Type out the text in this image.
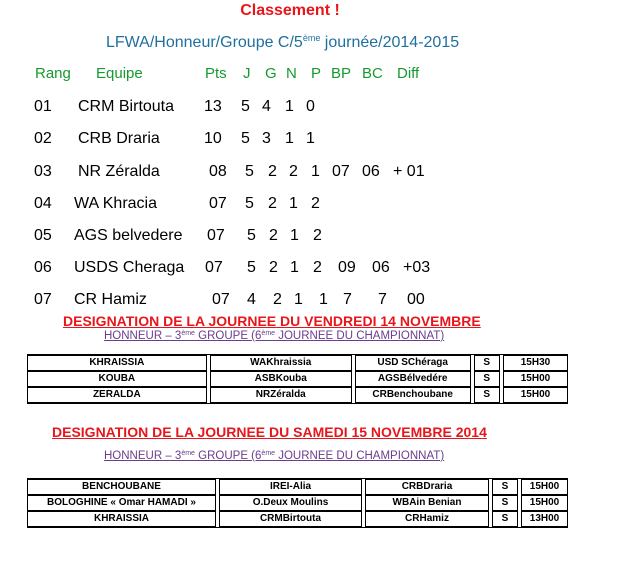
Classement !
LFWA/Honneur/Groupe C/5ème journée/2014-2015
Rang Equipe	Pts J G N P BP BC Diff
01 CRM Birtouta 13 5 4 1 0
02 CRB Draria	10 5 3 1 1
03 NR Zéralda	08 5 2 2 1 07 06 + 01
04 WA Khracia	07 5 2 1 2
05 AGS belvedere 07 5 2 1 2
06 USDS Cheraga 07 5 2 1 2 09 06 +03
07 CR Hamiz	07 4 2 1 1 7 7 00
DESIGNATION DE LA JOURNEE DU VENDREDI 14 NOVEMBRE
HONNEUR – 3ème GROUPE (6ème JOURNEE DU CHAMPIONNAT)
KHRAISSIA		WAKhraissia		USD SChéraga		S		15H30
KOUBA		ASBKouba		AGSBélvedére		S		15H00
ZERALDA		NRZéralda		CRBenchoubane		S		15H00
DESIGNATION DE LA JOURNEE DU SAMEDI 15 NOVEMBRE 2014
HONNEUR – 3ème GROUPE (6ème JOURNEE DU CHAMPIONNAT)
BENCHOUBANE		IREI-Alia		CRBDraria		S		15H00
BOLOGHINE « Omar HAMADI »		O.Deux Moulins		WBAin Benian		S		15H00
KHRAISSIA		CRMBirtouta		CRHamiz		S		13H00
